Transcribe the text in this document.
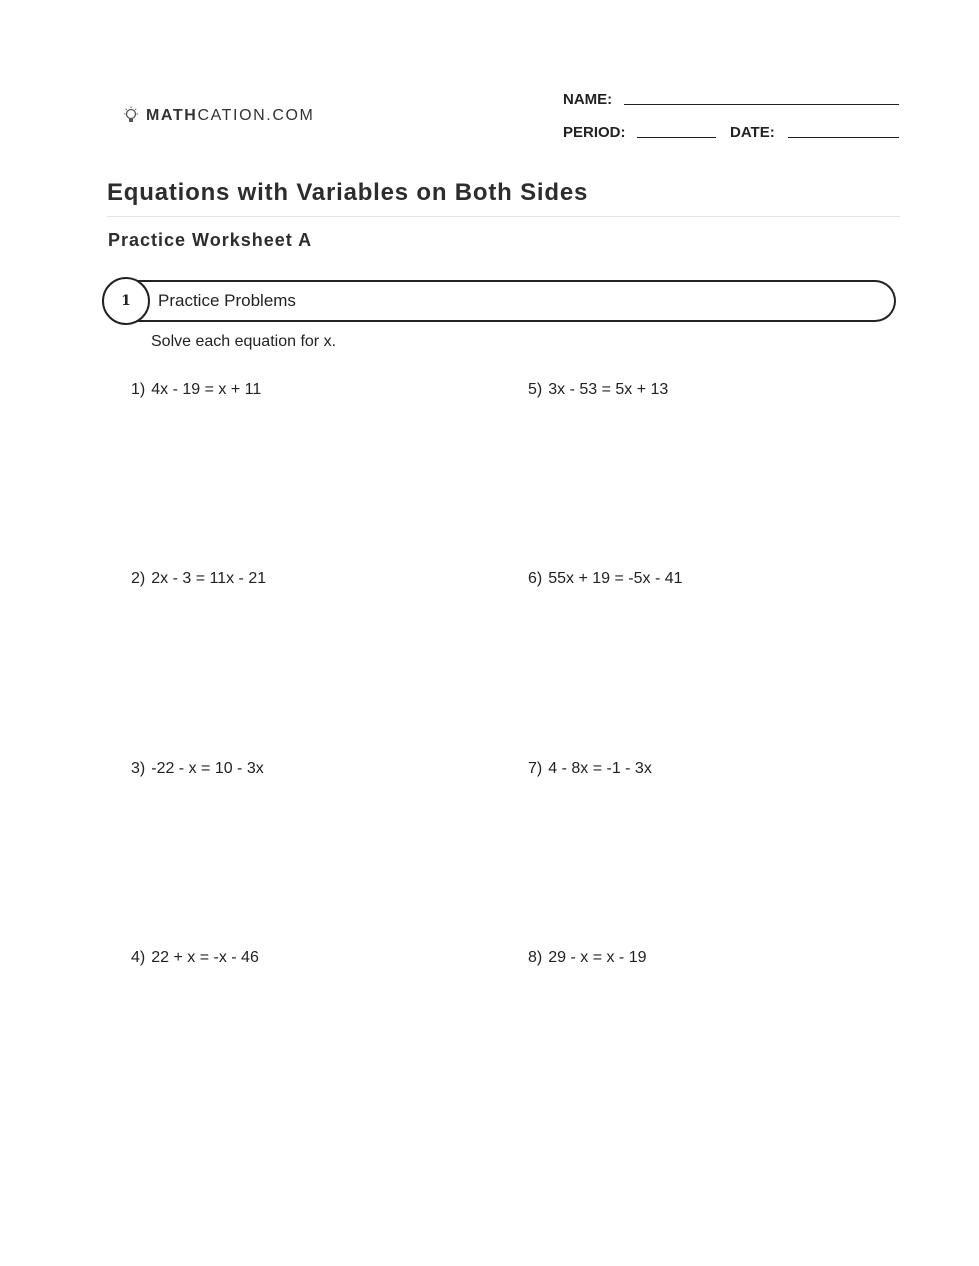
MATHCATION.COM
NAME:
PERIOD:	DATE:
Equations with Variables on Both Sides
Practice Worksheet A
1	Practice Problems
Solve each equation for x.
1) 4x - 19 = x + 11
2) 2x - 3 = 11x - 21
3) -22 - x = 10 - 3x
4) 22 + x = -x - 46
5) 3x - 53 = 5x + 13
6) 55x + 19 = -5x - 41
7) 4 - 8x = -1 - 3x
8) 29 - x = x - 19
